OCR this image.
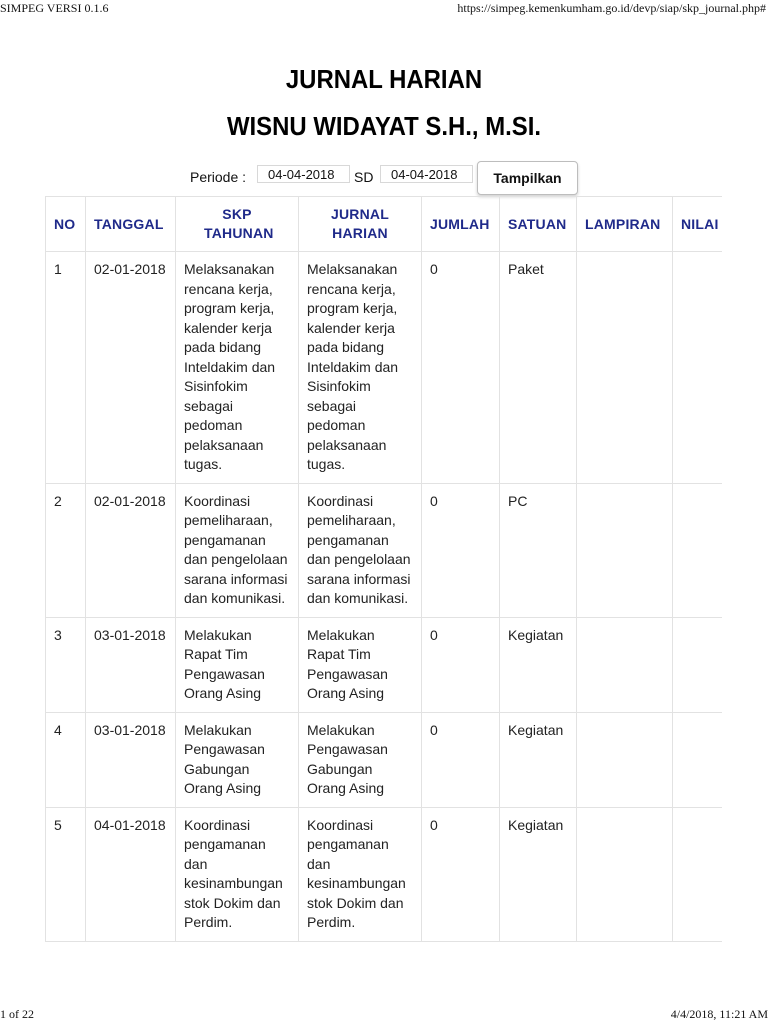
SIMPEG VERSI 0.1.6	https://simpeg.kemenkumham.go.id/devp/siap/skp_journal.php#
JURNAL HARIAN
WISNU WIDAYAT S.H., M.SI.
Periode :	04-04-2018	SD	04-04-2018	Tampilkan
NO	TANGGAL	SKP TAHUNAN	JURNAL HARIAN	JUMLAH	SATUAN	LAMPIRAN	NILAI

1	02-01-2018	Melaksanakan rencana kerja, program kerja, kalender kerja pada bidang Inteldakim dan Sisinfokim sebagai pedoman pelaksanaan tugas.	Melaksanakan rencana kerja, program kerja, kalender kerja pada bidang Inteldakim dan Sisinfokim sebagai pedoman pelaksanaan tugas.	0	Paket		
2	02-01-2018	Koordinasi pemeliharaan, pengamanan dan pengelolaan sarana informasi dan komunikasi.	Koordinasi pemeliharaan, pengamanan dan pengelolaan sarana informasi dan komunikasi.	0	PC		
3	03-01-2018	Melakukan Rapat Tim Pengawasan Orang Asing	Melakukan Rapat Tim Pengawasan Orang Asing	0	Kegiatan		
4	03-01-2018	Melakukan Pengawasan Gabungan Orang Asing	Melakukan Pengawasan Gabungan Orang Asing	0	Kegiatan		
5	04-01-2018	Koordinasi pengamanan dan kesinambungan stok Dokim dan Perdim.	Koordinasi pengamanan dan kesinambungan stok Dokim dan Perdim.	0	Kegiatan		
1 of 22	4/4/2018, 11:21 AM
